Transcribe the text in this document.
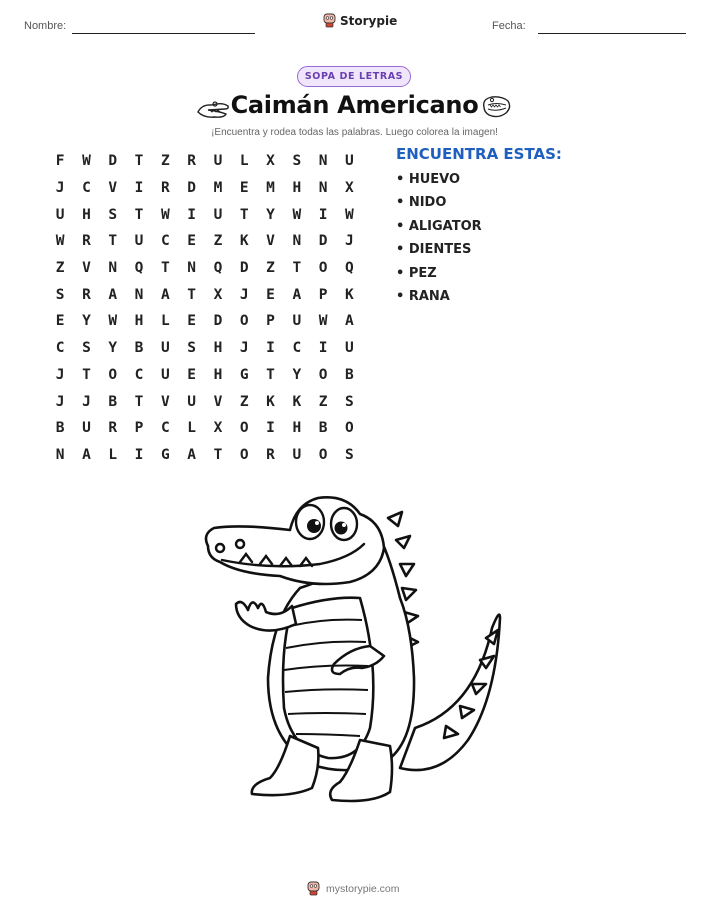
Nombre:	Storypie	Fecha:
SOPA DE LETRAS
Caimán Americano
¡Encuentra y rodea todas las palabras. Luego colorea la imagen!
F	W	D	T	Z	R	U	L	X	S	N	U
J	C	V	I	R	D	M	E	M	H	N	X
U	H	S	T	W	I	U	T	Y	W	I	W
W	R	T	U	C	E	Z	K	V	N	D	J
Z	V	N	Q	T	N	Q	D	Z	T	O	Q
S	R	A	N	A	T	X	J	E	A	P	K
E	Y	W	H	L	E	D	O	P	U	W	A
C	S	Y	B	U	S	H	J	I	C	I	U
J	T	O	C	U	E	H	G	T	Y	O	B
J	J	B	T	V	U	V	Z	K	K	Z	S
B	U	R	P	C	L	X	O	I	H	B	O
N	A	L	I	G	A	T	O	R	U	O	S
ENCUENTRA ESTAS:
• HUEVO
• NIDO
• ALIGATOR
• DIENTES
• PEZ
• RANA
mystorypie.com
